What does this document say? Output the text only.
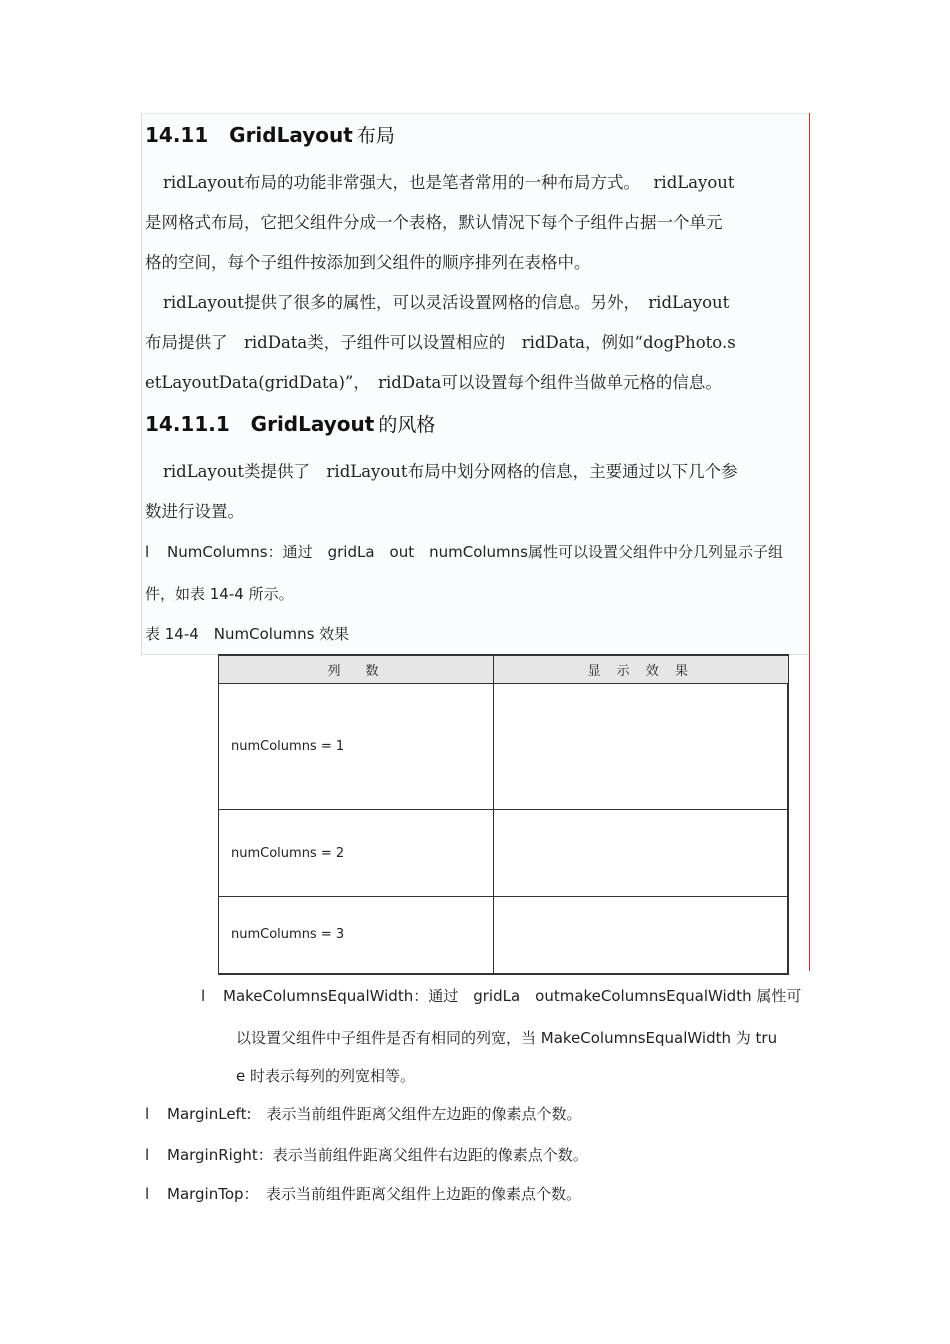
14.11 GridLayout 布局
ridLayout布局的功能非常强大，也是笔者常用的一种布局方式。　 ridLayout
是网格式布局，它把父组件分成一个表格，默认情况下每个子组件占据一个单元
格的空间，每个子组件按添加到父组件的顺序排列在表格中。
ridLayout提供了很多的属性，可以灵活设置网格的信息。另外，　ridLayout
布局提供了　ridData类，子组件可以设置相应的　ridData，例如“dogPhoto.s
etLayoutData(gridData)”，　ridData可以设置每个组件当做单元格的信息。
14.11.1 GridLayout 的风格
ridLayout类提供了　ridLayout布局中划分网格的信息，主要通过以下几个参
数进行设置。
l NumColumns：通过　gridLa　out　numColumns属性可以设置父组件中分几列显示子组
件，如表 14-4 所示。
表 14-4　NumColumns 效果
列　数	显 示 效 果
numColumns = 1	
numColumns = 2	
numColumns = 3	
l MakeColumnsEqualWidth：通过　gridLa　outmakeColumnsEqualWidth 属性可
以设置父组件中子组件是否有相同的列宽，当 MakeColumnsEqualWidth 为 tru
e 时表示每列的列宽相等。
l MarginLeft:　表示当前组件距离父组件左边距的像素点个数。
l MarginRight：表示当前组件距离父组件右边距的像素点个数。
l MarginTop：　表示当前组件距离父组件上边距的像素点个数。
